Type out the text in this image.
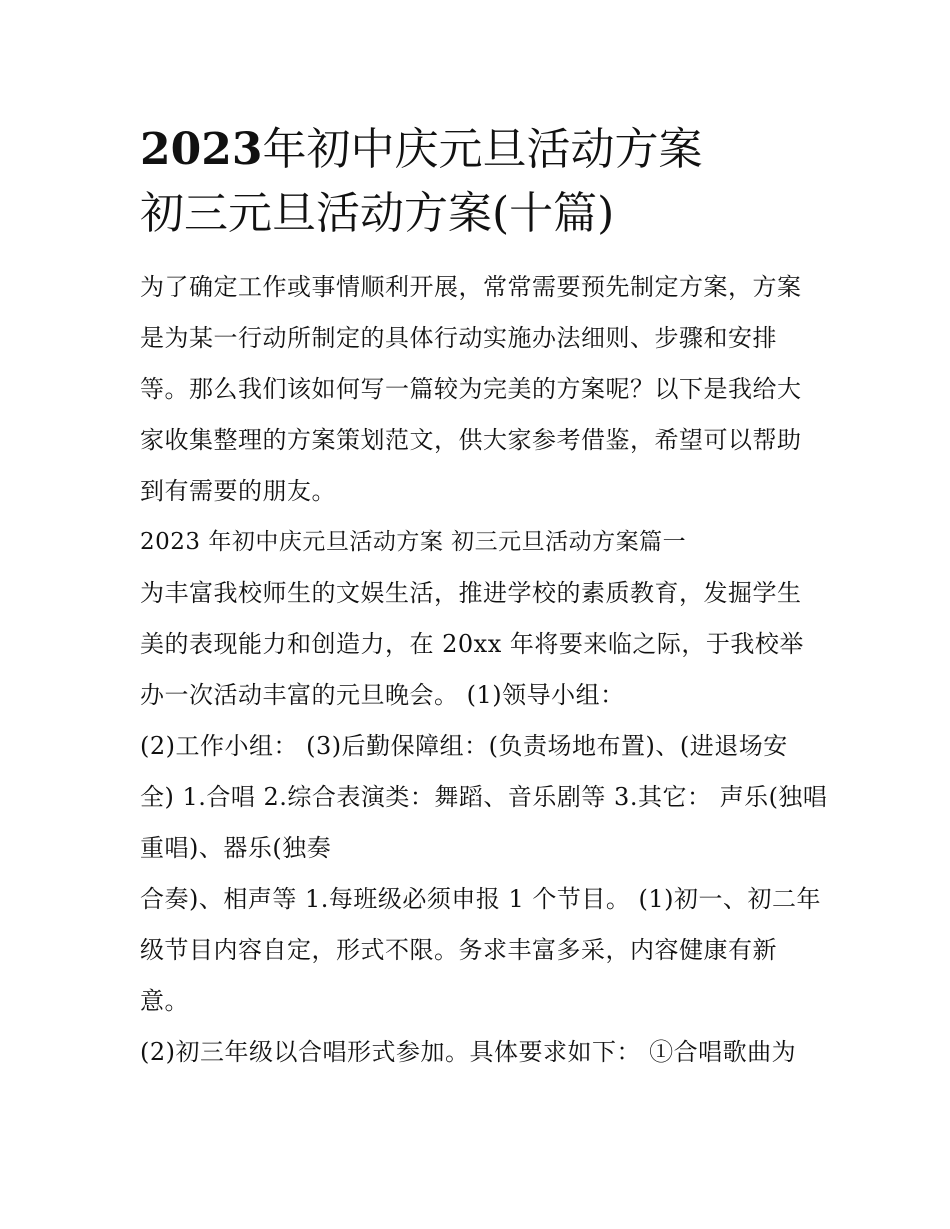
2023年初中庆元旦活动方案
初三元旦活动方案(十篇)
为了确定工作或事情顺利开展，常常需要预先制定方案，方案
是为某一行动所制定的具体行动实施办法细则、步骤和安排
等。那么我们该如何写一篇较为完美的方案呢？以下是我给大
家收集整理的方案策划范文，供大家参考借鉴，希望可以帮助
到有需要的朋友。
2023 年初中庆元旦活动方案 初三元旦活动方案篇一
为丰富我校师生的文娱生活，推进学校的素质教育，发掘学生
美的表现能力和创造力，在 20xx 年将要来临之际，于我校举
办一次活动丰富的元旦晚会。 (1)领导小组：
(2)工作小组： (3)后勤保障组：(负责场地布置)、(进退场安
全) 1.合唱 2.综合表演类：舞蹈、音乐剧等 3.其它： 声乐(独唱
重唱)、器乐(独奏
合奏)、相声等 1.每班级必须申报 1 个节目。 (1)初一、初二年
级节目内容自定，形式不限。务求丰富多采，内容健康有新
意。
(2)初三年级以合唱形式参加。具体要求如下： ①合唱歌曲为
